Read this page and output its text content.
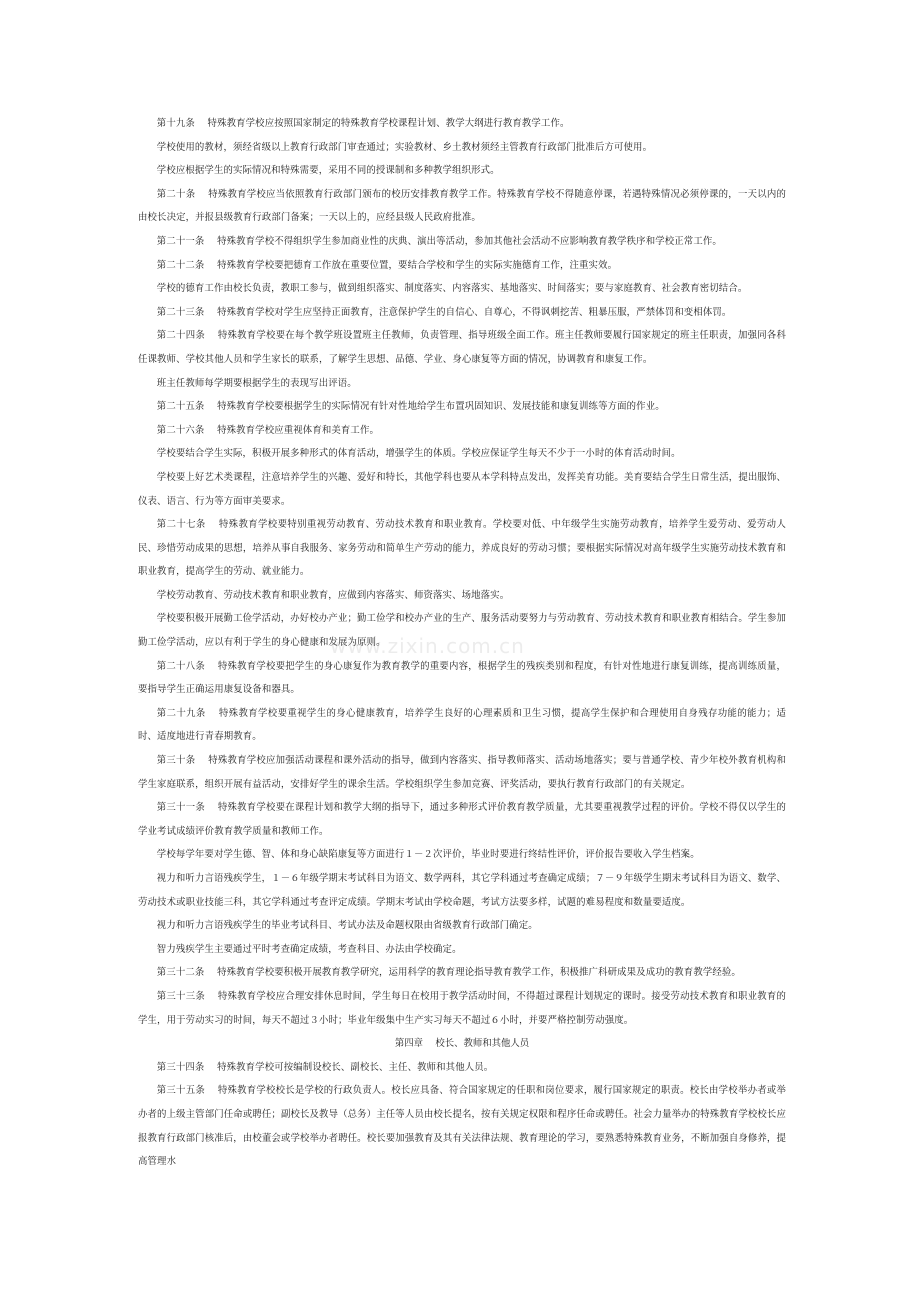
第十九条　 特殊教育学校应按照国家制定的特殊教育学校课程计划、教学大纲进行教育教学工作。

学校使用的教材，须经省级以上教育行政部门审查通过；实验教材、乡土教材须经主管教育行政部门批准后方可使用。

学校应根据学生的实际情况和特殊需要，采用不同的授课制和多种教学组织形式。

第二十条　 特殊教育学校应当依照教育行政部门颁布的校历安排教育教学工作。特殊教育学校不得随意停课，若遇特殊情况必须停课的，一天以内的由校长决定，并报县级教育行政部门备案；一天以上的，应经县级人民政府批准。

第二十一条　 特殊教育学校不得组织学生参加商业性的庆典、演出等活动，参加其他社会活动不应影响教育教学秩序和学校正常工作。

第二十二条　 特殊教育学校要把德育工作放在重要位置，要结合学校和学生的实际实施德育工作，注重实效。

学校的德育工作由校长负责，教职工参与，做到组织落实、制度落实、内容落实、基地落实、时间落实；要与家庭教育、社会教育密切结合。

第二十三条　 特殊教育学校对学生应坚持正面教育，注意保护学生的自信心、自尊心，不得讽刺挖苦、粗暴压服，严禁体罚和变相体罚。

第二十四条　 特殊教育学校要在每个教学班设置班主任教师，负责管理、指导班级全面工作。班主任教师要履行国家规定的班主任职责，加强同各科任课教师、学校其他人员和学生家长的联系，了解学生思想、品德、学业、身心康复等方面的情况，协调教育和康复工作。

班主任教师每学期要根据学生的表现写出评语。

第二十五条　 特殊教育学校要根据学生的实际情况有针对性地给学生布置巩固知识、发展技能和康复训练等方面的作业。

第二十六条　 特殊教育学校应重视体育和美育工作。

学校要结合学生实际，积极开展多种形式的体育活动，增强学生的体质。学校应保证学生每天不少于一小时的体育活动时间。

学校要上好艺术类课程，注意培养学生的兴趣、爱好和特长，其他学科也要从本学科特点发出，发挥美育功能。美育要结合学生日常生活，提出服饰、仪表、语言、行为等方面审美要求。

第二十七条　 特殊教育学校要特别重视劳动教育、劳动技术教育和职业教育。学校要对低、中年级学生实施劳动教育，培养学生爱劳动、爱劳动人民、珍惜劳动成果的思想，培养从事自我服务、家务劳动和简单生产劳动的能力，养成良好的劳动习惯；要根据实际情况对高年级学生实施劳动技术教育和职业教育，提高学生的劳动、就业能力。

学校劳动教育、劳动技术教育和职业教育，应做到内容落实、师资落实、场地落实。

学校要积极开展勤工俭学活动，办好校办产业；勤工俭学和校办产业的生产、服务活动要努力与劳动教育、劳动技术教育和职业教育相结合。学生参加勤工俭学活动，应以有利于学生的身心健康和发展为原则。

第二十八条　 特殊教育学校要把学生的身心康复作为教育教学的重要内容，根据学生的残疾类别和程度，有针对性地进行康复训练，提高训练质量，要指导学生正确运用康复设备和器具。

第二十九条　 特殊教育学校要重视学生的身心健康教育，培养学生良好的心理素质和卫生习惯，提高学生保护和合理使用自身残存功能的能力；适时、适度地进行青春期教育。

第三十条　 特殊教育学校应加强活动课程和课外活动的指导，做到内容落实、指导教师落实、活动场地落实；要与普通学校、青少年校外教育机构和学生家庭联系，组织开展有益活动，安排好学生的课余生活。学校组织学生参加竞赛、评奖活动，要执行教育行政部门的有关规定。

第三十一条　 特殊教育学校要在课程计划和教学大纲的指导下，通过多种形式评价教育教学质量，尤其要重视教学过程的评价。学校不得仅以学生的学业考试成绩评价教育教学质量和教师工作。

学校每学年要对学生德、智、体和身心缺陷康复等方面进行１－２次评价，毕业时要进行终结性评价，评价报告要收入学生档案。

视力和听力言语残疾学生，１－６年级学期末考试科目为语文、数学两科，其它学科通过考查确定成绩；７－９年级学生期末考试科目为语文、数学、劳动技术或职业技能三科，其它学科通过考查评定成绩。学期末考试由学校命题，考试方法要多样，试题的难易程度和数量要适度。

视力和听力言语残疾学生的毕业考试科目、考试办法及命题权限由省级教育行政部门确定。

智力残疾学生主要通过平时考查确定成绩，考查科目、办法由学校确定。

第三十二条　 特殊教育学校要积极开展教育教学研究，运用科学的教育理论指导教育教学工作，积极推广科研成果及成功的教育教学经验。

第三十三条　 特殊教育学校应合理安排休息时间，学生每日在校用于教学活动时间，不得超过课程计划规定的课时。接受劳动技术教育和职业教育的学生，用于劳动实习的时间，每天不超过３小时；毕业年级集中生产实习每天不超过６小时，并要严格控制劳动强度。

第四章　 校长、教师和其他人员

第三十四条　 特殊教育学校可按编制设校长、副校长、主任、教师和其他人员。

第三十五条　 特殊教育学校校长是学校的行政负责人。校长应具备、符合国家规定的任职和岗位要求，履行国家规定的职责。校长由学校举办者或举办者的上级主管部门任命或聘任；副校长及教导（总务）主任等人员由校长提名，按有关规定权限和程序任命或聘任。社会力量举办的特殊教育学校校长应报教育行政部门核准后，由校董会或学校举办者聘任。校长要加强教育及其有关法律法规、教育理论的学习，要熟悉特殊教育业务，不断加强自身修养，提高管理水

www.zixin.com.cn
